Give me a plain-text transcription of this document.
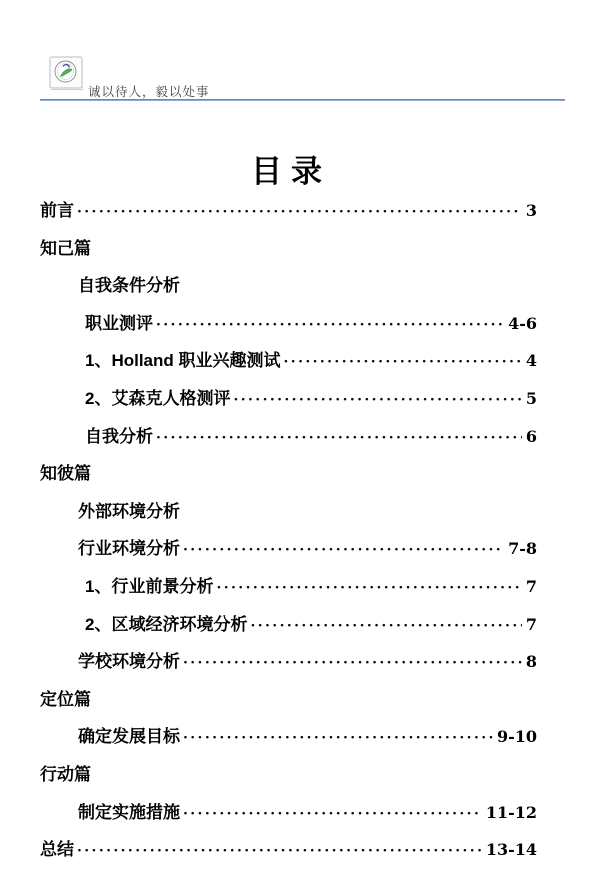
诚以待人，毅以处事
目录
前言 ·····	3
知己篇
自我条件分析
职业测评 ·····	4-6
1、Holland 职业兴趣测试 ·····	4
2、艾森克人格测评 ·····	5
自我分析 ·····	6
知彼篇
外部环境分析
行业环境分析 ·····	7-8
1、行业前景分析 ·····	7
2、区域经济环境分析 ·····	7
学校环境分析 ·····	8
定位篇
确定发展目标 ·····	9-10
行动篇
制定实施措施 ·····	11-12
总结 ·····	13-14
